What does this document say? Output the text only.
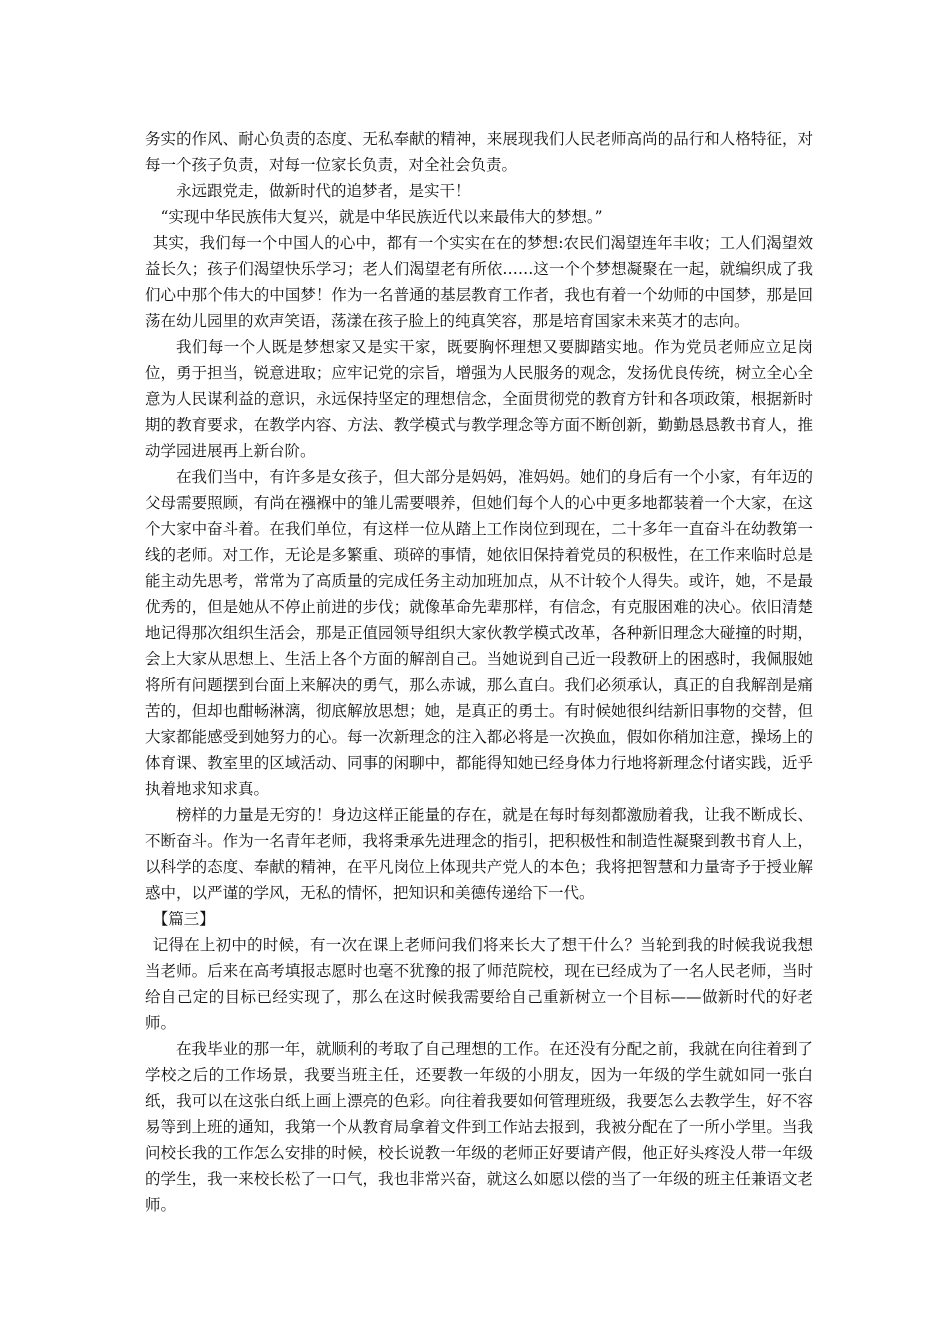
务实的作风、耐心负责的态度、无私奉献的精神，来展现我们人民老师高尚的品行和人格特征，对每一个孩子负责，对每一位家长负责，对全社会负责。

永远跟党走，做新时代的追梦者，是实干！

“实现中华民族伟大复兴，就是中华民族近代以来最伟大的梦想。”

其实，我们每一个中国人的心中，都有一个实实在在的梦想:农民们渴望连年丰收；工人们渴望效益长久；孩子们渴望快乐学习；老人们渴望老有所依……这一个个梦想凝聚在一起，就编织成了我们心中那个伟大的中国梦！作为一名普通的基层教育工作者，我也有着一个幼师的中国梦，那是回荡在幼儿园里的欢声笑语，荡漾在孩子脸上的纯真笑容，那是培育国家未来英才的志向。

我们每一个人既是梦想家又是实干家，既要胸怀理想又要脚踏实地。作为党员老师应立足岗位，勇于担当，锐意进取；应牢记党的宗旨，增强为人民服务的观念，发扬优良传统，树立全心全意为人民谋利益的意识，永远保持坚定的理想信念，全面贯彻党的教育方针和各项政策，根据新时期的教育要求，在教学内容、方法、教学模式与教学理念等方面不断创新，勤勤恳恳教书育人，推动学园进展再上新台阶。

在我们当中，有许多是女孩子，但大部分是妈妈，准妈妈。她们的身后有一个小家，有年迈的父母需要照顾，有尚在襁褓中的雏儿需要喂养，但她们每个人的心中更多地都装着一个大家，在这个大家中奋斗着。在我们单位，有这样一位从踏上工作岗位到现在，二十多年一直奋斗在幼教第一线的老师。对工作，无论是多繁重、琐碎的事情，她依旧保持着党员的积极性，在工作来临时总是能主动先思考，常常为了高质量的完成任务主动加班加点，从不计较个人得失。或许，她，不是最优秀的，但是她从不停止前进的步伐；就像革命先辈那样，有信念，有克服困难的决心。依旧清楚地记得那次组织生活会，那是正值园领导组织大家伙教学模式改革，各种新旧理念大碰撞的时期，会上大家从思想上、生活上各个方面的解剖自己。当她说到自己近一段教研上的困惑时，我佩服她将所有问题摆到台面上来解决的勇气，那么赤诚，那么直白。我们必须承认，真正的自我解剖是痛苦的，但却也酣畅淋漓，彻底解放思想；她，是真正的勇士。有时候她很纠结新旧事物的交替，但大家都能感受到她努力的心。每一次新理念的注入都必将是一次换血，假如你稍加注意，操场上的体育课、教室里的区域活动、同事的闲聊中，都能得知她已经身体力行地将新理念付诸实践，近乎执着地求知求真。

榜样的力量是无穷的！身边这样正能量的存在，就是在每时每刻都激励着我，让我不断成长、不断奋斗。作为一名青年老师，我将秉承先进理念的指引，把积极性和制造性凝聚到教书育人上，以科学的态度、奉献的精神，在平凡岗位上体现共产党人的本色；我将把智慧和力量寄予于授业解惑中，以严谨的学风，无私的情怀，把知识和美德传递给下一代。

【篇三】

记得在上初中的时候，有一次在课上老师问我们将来长大了想干什么？当轮到我的时候我说我想当老师。后来在高考填报志愿时也毫不犹豫的报了师范院校，现在已经成为了一名人民老师，当时给自己定的目标已经实现了，那么在这时候我需要给自己重新树立一个目标——做新时代的好老师。

在我毕业的那一年，就顺利的考取了自己理想的工作。在还没有分配之前，我就在向往着到了学校之后的工作场景，我要当班主任，还要教一年级的小朋友，因为一年级的学生就如同一张白纸，我可以在这张白纸上画上漂亮的色彩。向往着我要如何管理班级，我要怎么去教学生，好不容易等到上班的通知，我第一个从教育局拿着文件到工作站去报到，我被分配在了一所小学里。当我问校长我的工作怎么安排的时候，校长说教一年级的老师正好要请产假，他正好头疼没人带一年级的学生，我一来校长松了一口气，我也非常兴奋，就这么如愿以偿的当了一年级的班主任兼语文老师。
